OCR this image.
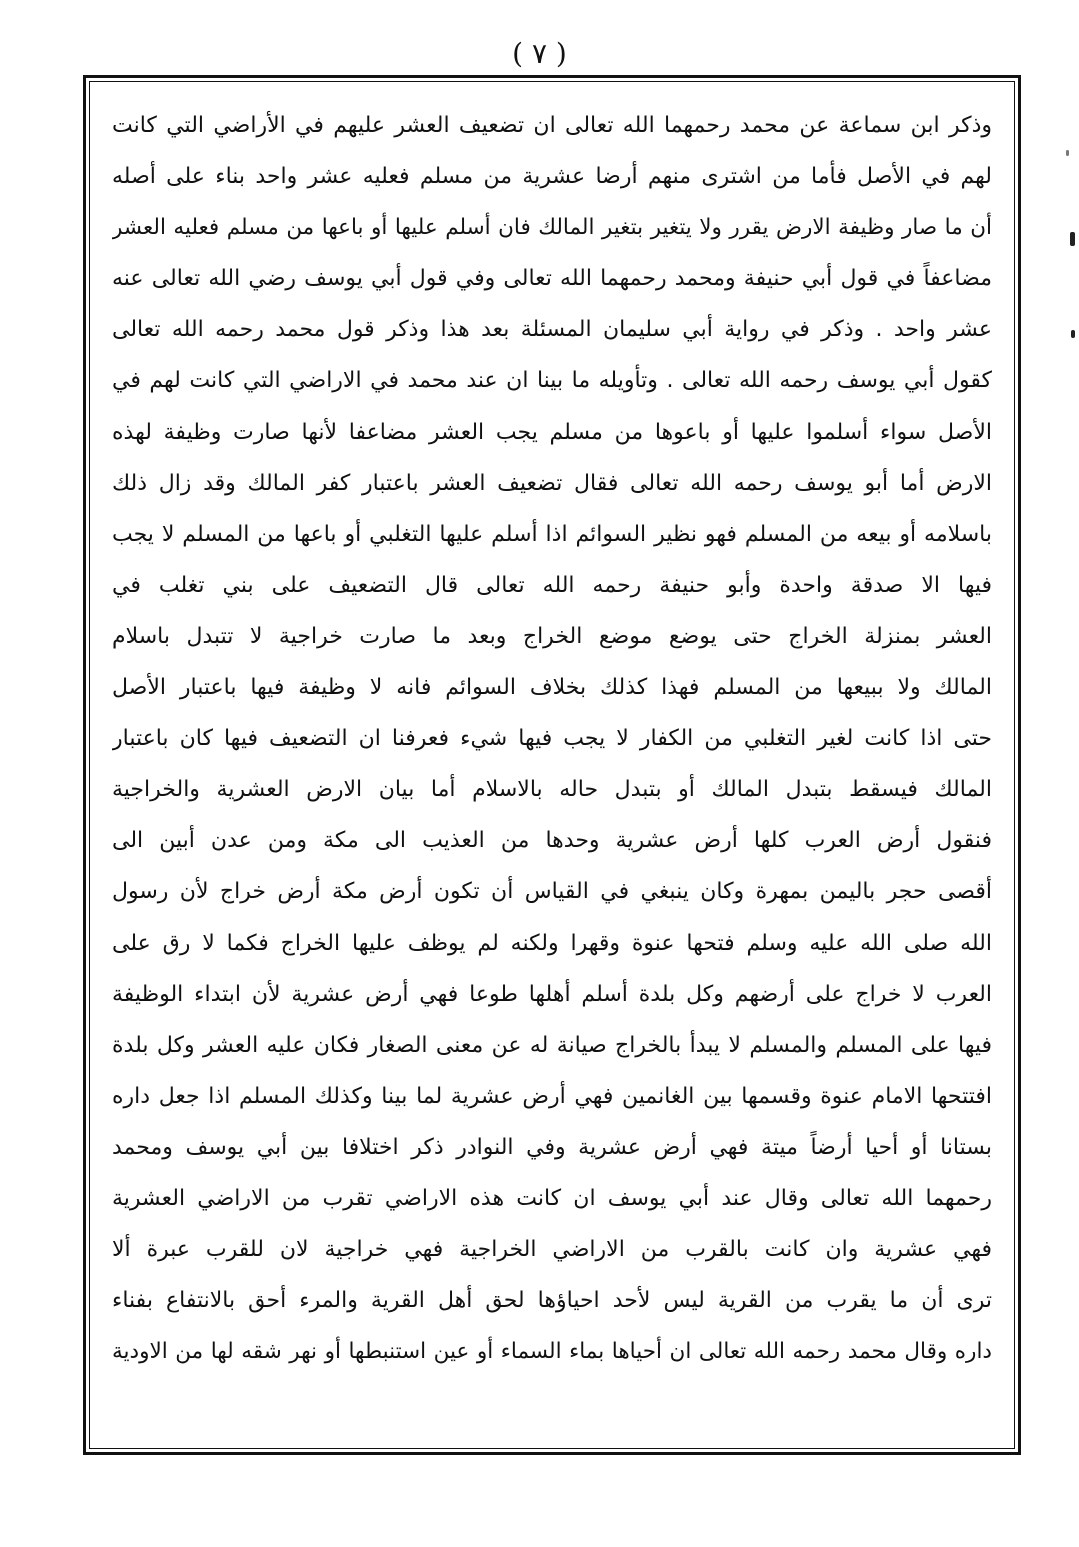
( ٧ )
وذكر ابن سماعة عن محمد رحمهما الله تعالى ان تضعيف العشر عليهم في الأراضي التي كانت
لهم في الأصل فأما من اشترى منهم أرضا عشرية من مسلم فعليه عشر واحد بناء على أصله
أن ما صار وظيفة الارض يقرر ولا يتغير بتغير المالك فان أسلم عليها أو باعها من مسلم فعليه العشر
مضاعفاً في قول أبي حنيفة ومحمد رحمهما الله تعالى وفي قول أبي يوسف رضي الله تعالى عنه
عشر واحد . وذكر في رواية أبي سليمان المسئلة بعد هذا وذكر قول محمد رحمه الله تعالى
كقول أبي يوسف رحمه الله تعالى . وتأويله ما بينا ان عند محمد في الاراضي التي كانت لهم في
الأصل سواء أسلموا عليها أو باعوها من مسلم يجب العشر مضاعفا لأنها صارت وظيفة لهذه
الارض أما أبو يوسف رحمه الله تعالى فقال تضعيف العشر باعتبار كفر المالك وقد زال ذلك
باسلامه أو بيعه من المسلم فهو نظير السوائم اذا أسلم عليها التغلبي أو باعها من المسلم لا يجب
فيها الا صدقة واحدة وأبو حنيفة رحمه الله تعالى قال التضعيف على بني تغلب في
العشر بمنزلة الخراج حتى يوضع موضع الخراج وبعد ما صارت خراجية لا تتبدل باسلام
المالك ولا ببيعها من المسلم فهذا كذلك بخلاف السوائم فانه لا وظيفة فيها باعتبار الأصل
حتى اذا كانت لغير التغلبي من الكفار لا يجب فيها شيء فعرفنا ان التضعيف فيها كان باعتبار
المالك فيسقط بتبدل المالك أو بتبدل حاله بالاسلام أما بيان الارض العشرية والخراجية
فنقول أرض العرب كلها أرض عشرية وحدها من العذيب الى مكة ومن عدن أبين الى
أقصى حجر باليمن بمهرة وكان ينبغي في القياس أن تكون أرض مكة أرض خراج لأن رسول
الله صلى الله عليه وسلم فتحها عنوة وقهرا ولكنه لم يوظف عليها الخراج فكما لا رق على
العرب لا خراج على أرضهم وكل بلدة أسلم أهلها طوعا فهي أرض عشرية لأن ابتداء الوظيفة
فيها على المسلم والمسلم لا يبدأ بالخراج صيانة له عن معنى الصغار فكان عليه العشر وكل بلدة
افتتحها الامام عنوة وقسمها بين الغانمين فهي أرض عشرية لما بينا وكذلك المسلم اذا جعل داره
بستانا أو أحيا أرضاً ميتة فهي أرض عشرية وفي النوادر ذكر اختلافا بين أبي يوسف ومحمد
رحمهما الله تعالى وقال عند أبي يوسف ان كانت هذه الاراضي تقرب من الاراضي العشرية
فهي عشرية وان كانت بالقرب من الاراضي الخراجية فهي خراجية لان للقرب عبرة ألا
ترى أن ما يقرب من القرية ليس لأحد احياؤها لحق أهل القرية والمرء أحق بالانتفاع بفناء
داره وقال محمد رحمه الله تعالى ان أحياها بماء السماء أو عين استنبطها أو نهر شقه لها من الاودية
